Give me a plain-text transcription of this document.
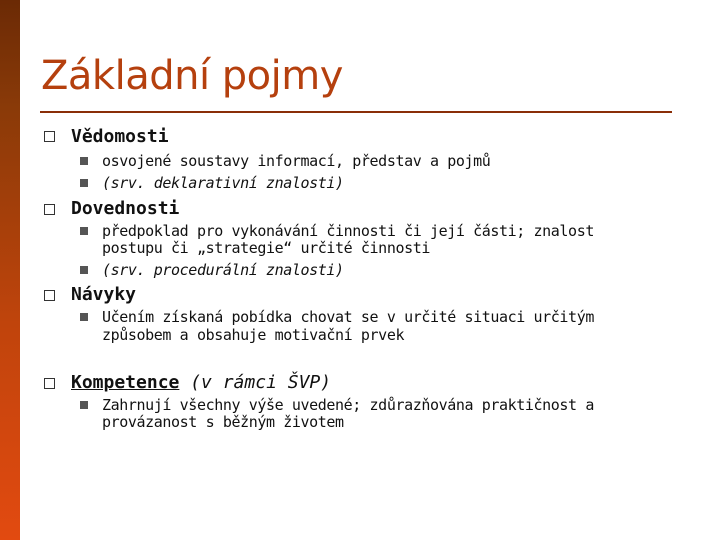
Základní pojmy
Vědomosti
osvojené soustavy informací, představ a pojmů
(srv. deklarativní znalosti)
Dovednosti
předpoklad pro vykonávání činnosti či její části; znalost
postupu či „strategie“ určité činnosti
(srv. procedurální znalosti)
Návyky
Učením získaná pobídka chovat se v určité situaci určitým
způsobem a obsahuje motivační prvek
Kompetence (v rámci ŠVP)
Zahrnují všechny výše uvedené; zdůrazňována praktičnost a
provázanost s běžným životem
